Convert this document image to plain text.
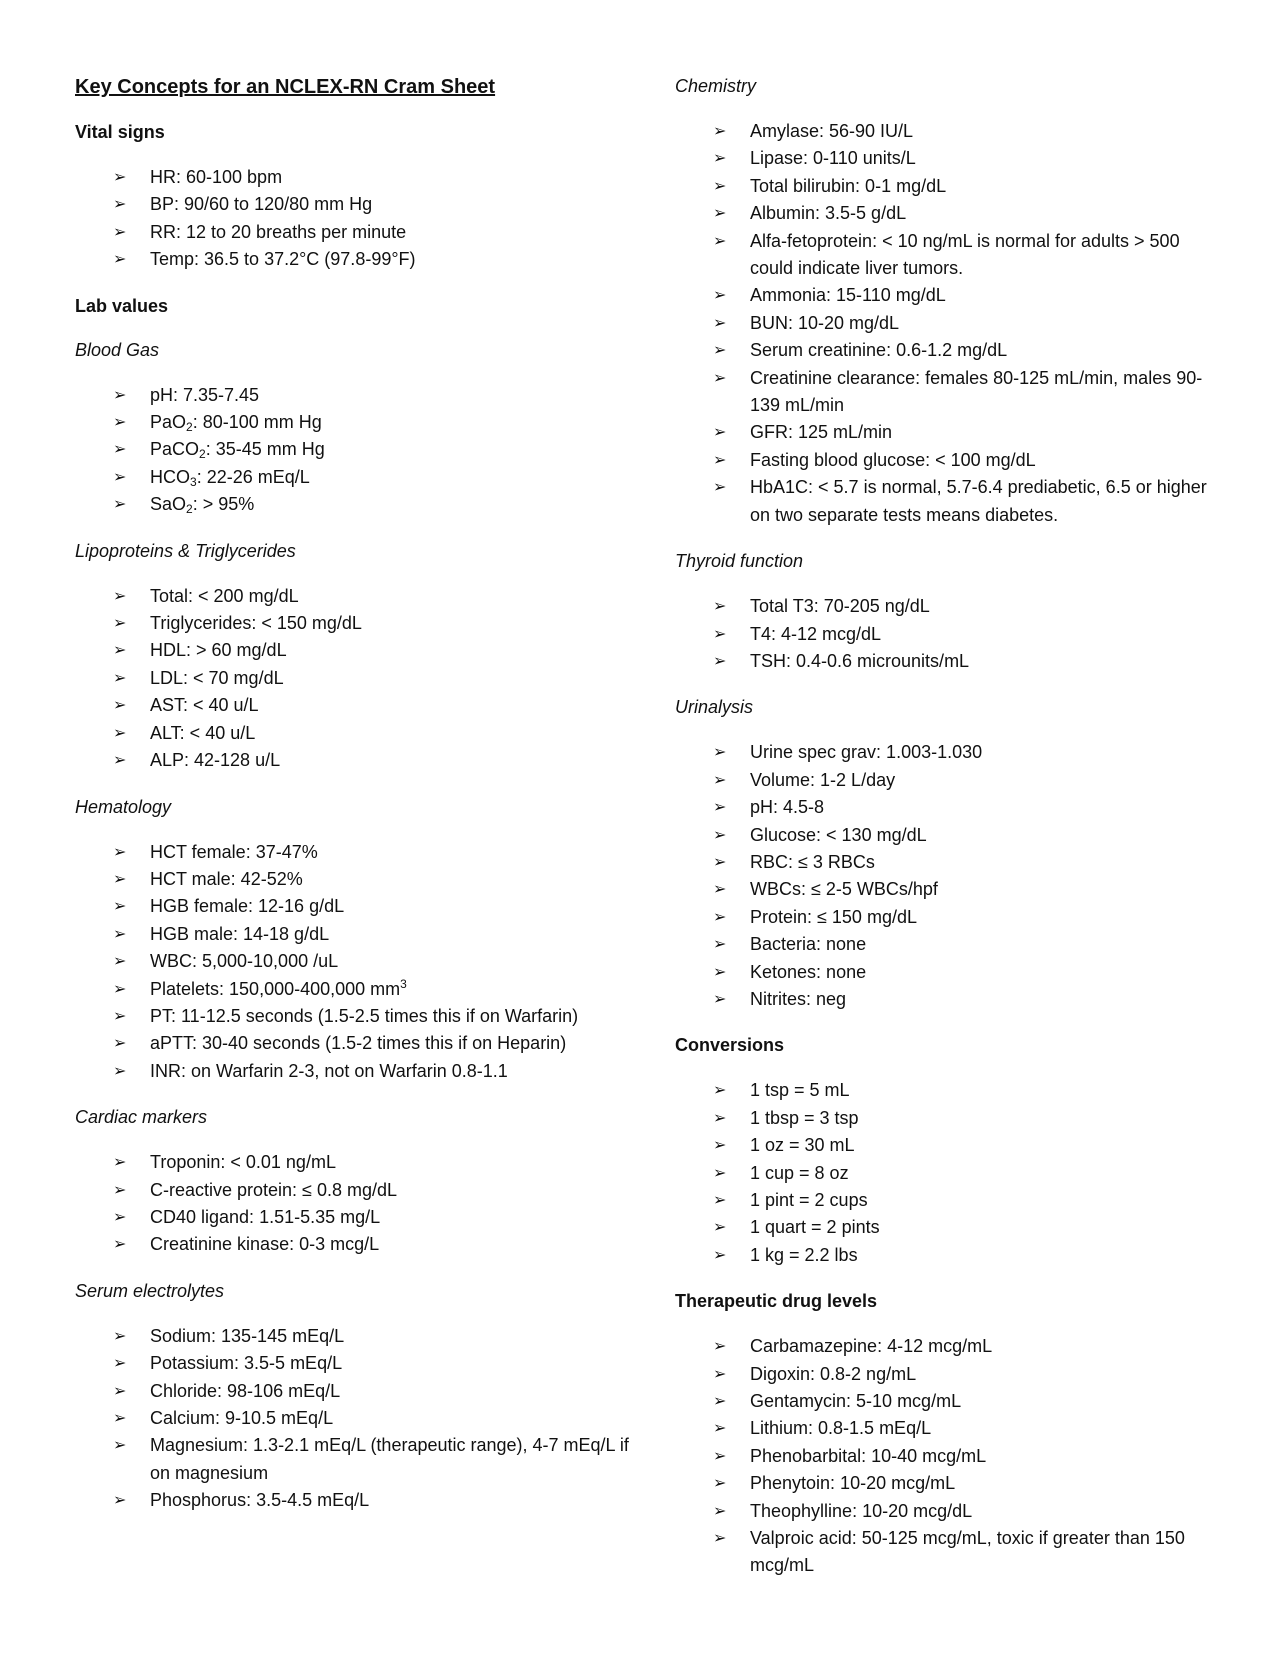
Key Concepts for an NCLEX-RN Cram Sheet
Vital signs
➢ HR: 60-100 bpm
➢ BP: 90/60 to 120/80 mm Hg
➢ RR: 12 to 20 breaths per minute
➢ Temp: 36.5 to 37.2°C (97.8-99°F)
Lab values
Blood Gas
➢ pH: 7.35-7.45
➢ PaO$_2$: 80-100 mm Hg
➢ PaCO$_2$: 35-45 mm Hg
➢ $HCO_3$: 22-26 mEq/L
➢ SaO$_2$: > 95%
Lipoproteins & Triglycerides
➢ Total: < 200 mg/dL
➢ Triglycerides: < 150 mg/dL
➢ HDL: > 60 mg/dL
➢ LDL: < 70 mg/dL
➢ AST: < 40 u/L
➢ ALT: < 40 u/L
➢ ALP: 42-128 u/L
Hematology
➢ HCT female: 37-47%
➢ HCT male: 42-52%
➢ HGB female: 12-16 g/dL
➢ HGB male: 14-18 g/dL
➢ WBC: 5,000-10,000 /uL
➢ Platelets: 150,000-400,000 $mm^3$
➢ PT: 11-12.5 seconds (1.5-2.5 times this if on Warfarin)
➢ aPTT: 30-40 seconds (1.5-2 times this if on Heparin)
➢ INR: on Warfarin 2-3, not on Warfarin 0.8-1.1
Cardiac markers
➢ Troponin: < 0.01 ng/mL
➢ C-reactive protein: ≤ 0.8 mg/dL
➢ CD40 ligand: 1.51-5.35 mg/L
➢ Creatinine kinase: 0-3 mcg/L
Serum electrolytes
➢ Sodium: 135-145 mEq/L
➢ Potassium: 3.5-5 mEq/L
➢ Chloride: 98-106 mEq/L
➢ Calcium: 9-10.5 mEq/L
➢ Magnesium: 1.3-2.1 mEq/L (therapeutic range), 4-7 mEq/L if on magnesium
➢ Phosphorus: 3.5-4.5 mEq/L
Chemistry
➢ Amylase: 56-90 IU/L
➢ Lipase: 0-110 units/L
➢ Total bilirubin: 0-1 mg/dL
➢ Albumin: 3.5-5 g/dL
➢ Alfa-fetoprotein: < 10 ng/mL is normal for adults > 500 could indicate liver tumors.
➢ Ammonia: 15-110 mg/dL
➢ BUN: 10-20 mg/dL
➢ Serum creatinine: 0.6-1.2 mg/dL
➢ Creatinine clearance: females 80-125 mL/min, males 90-139 mL/min
➢ GFR: 125 mL/min
➢ Fasting blood glucose: < 100 mg/dL
➢ HbA1C: < 5.7 is normal, 5.7-6.4 prediabetic, 6.5 or higher on two separate tests means diabetes.
Thyroid function
➢ Total T3: 70-205 ng/dL
➢ T4: 4-12 mcg/dL
➢ TSH: 0.4-0.6 microunits/mL
Urinalysis
➢ Urine spec grav: 1.003-1.030
➢ Volume: 1-2 L/day
➢ pH: 4.5-8
➢ Glucose: < 130 mg/dL
➢ RBC: ≤ 3 RBCs
➢ WBCs: ≤ 2-5 WBCs/hpf
➢ Protein: ≤ 150 mg/dL
➢ Bacteria: none
➢ Ketones: none
➢ Nitrites: neg
Conversions
➢ 1 tsp = 5 mL
➢ 1 tbsp = 3 tsp
➢ 1 oz = 30 mL
➢ 1 cup = 8 oz
➢ 1 pint = 2 cups
➢ 1 quart = 2 pints
➢ 1 kg = 2.2 lbs
Therapeutic drug levels
➢ Carbamazepine: 4-12 mcg/mL
➢ Digoxin: 0.8-2 ng/mL
➢ Gentamycin: 5-10 mcg/mL
➢ Lithium: 0.8-1.5 mEq/L
➢ Phenobarbital: 10-40 mcg/mL
➢ Phenytoin: 10-20 mcg/mL
➢ Theophylline: 10-20 mcg/dL
➢ Valproic acid: 50-125 mcg/mL, toxic if greater than 150 mcg/mL
